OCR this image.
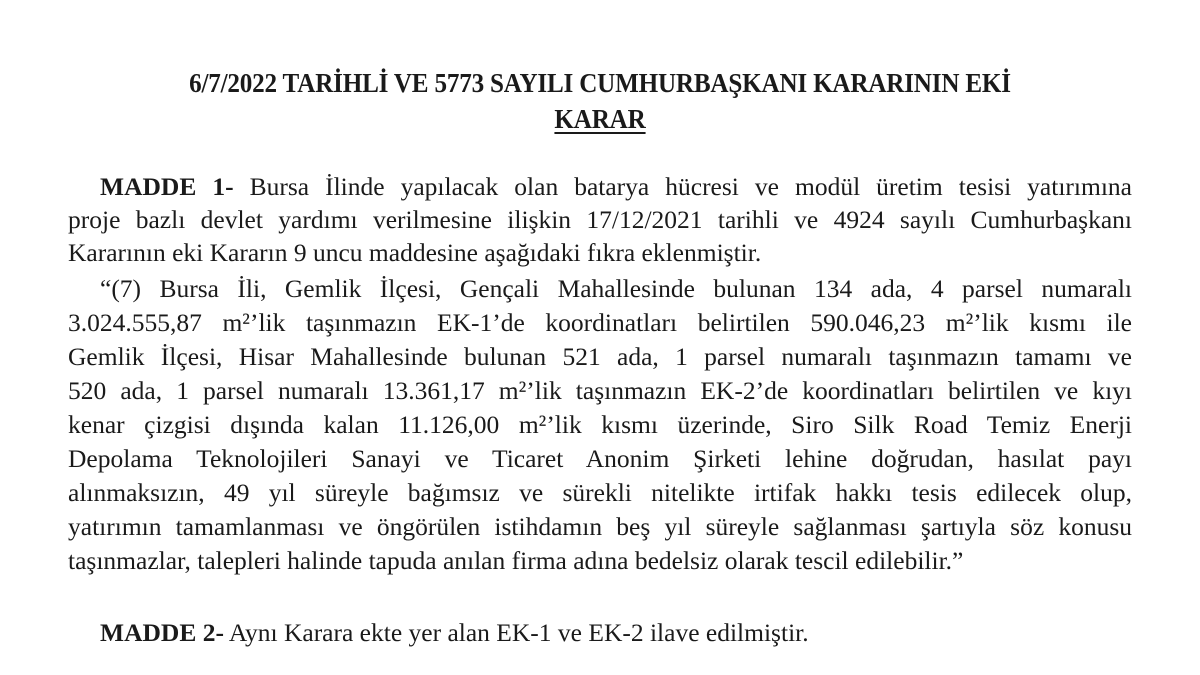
6/7/2022 TARİHLİ VE 5773 SAYILI CUMHURBAŞKANI KARARININ EKİ
KARAR
MADDE 1- Bursa İlinde yapılacak olan batarya hücresi ve modül üretim tesisi yatırımına
proje bazlı devlet yardımı verilmesine ilişkin 17/12/2021 tarihli ve 4924 sayılı Cumhurbaşkanı
Kararının eki Kararın 9 uncu maddesine aşağıdaki fıkra eklenmiştir.
“(7) Bursa İli, Gemlik İlçesi, Gençali Mahallesinde bulunan 134 ada, 4 parsel numaralı
3.024.555,87 m²’lik taşınmazın EK-1’de koordinatları belirtilen 590.046,23 m²’lik kısmı ile
Gemlik İlçesi, Hisar Mahallesinde bulunan 521 ada, 1 parsel numaralı taşınmazın tamamı ve
520 ada, 1 parsel numaralı 13.361,17 m²’lik taşınmazın EK-2’de koordinatları belirtilen ve kıyı
kenar çizgisi dışında kalan 11.126,00 m²’lik kısmı üzerinde, Siro Silk Road Temiz Enerji
Depolama Teknolojileri Sanayi ve Ticaret Anonim Şirketi lehine doğrudan, hasılat payı
alınmaksızın, 49 yıl süreyle bağımsız ve sürekli nitelikte irtifak hakkı tesis edilecek olup,
yatırımın tamamlanması ve öngörülen istihdamın beş yıl süreyle sağlanması şartıyla söz konusu
taşınmazlar, talepleri halinde tapuda anılan firma adına bedelsiz olarak tescil edilebilir.”
MADDE 2- Aynı Karara ekte yer alan EK-1 ve EK-2 ilave edilmiştir.
